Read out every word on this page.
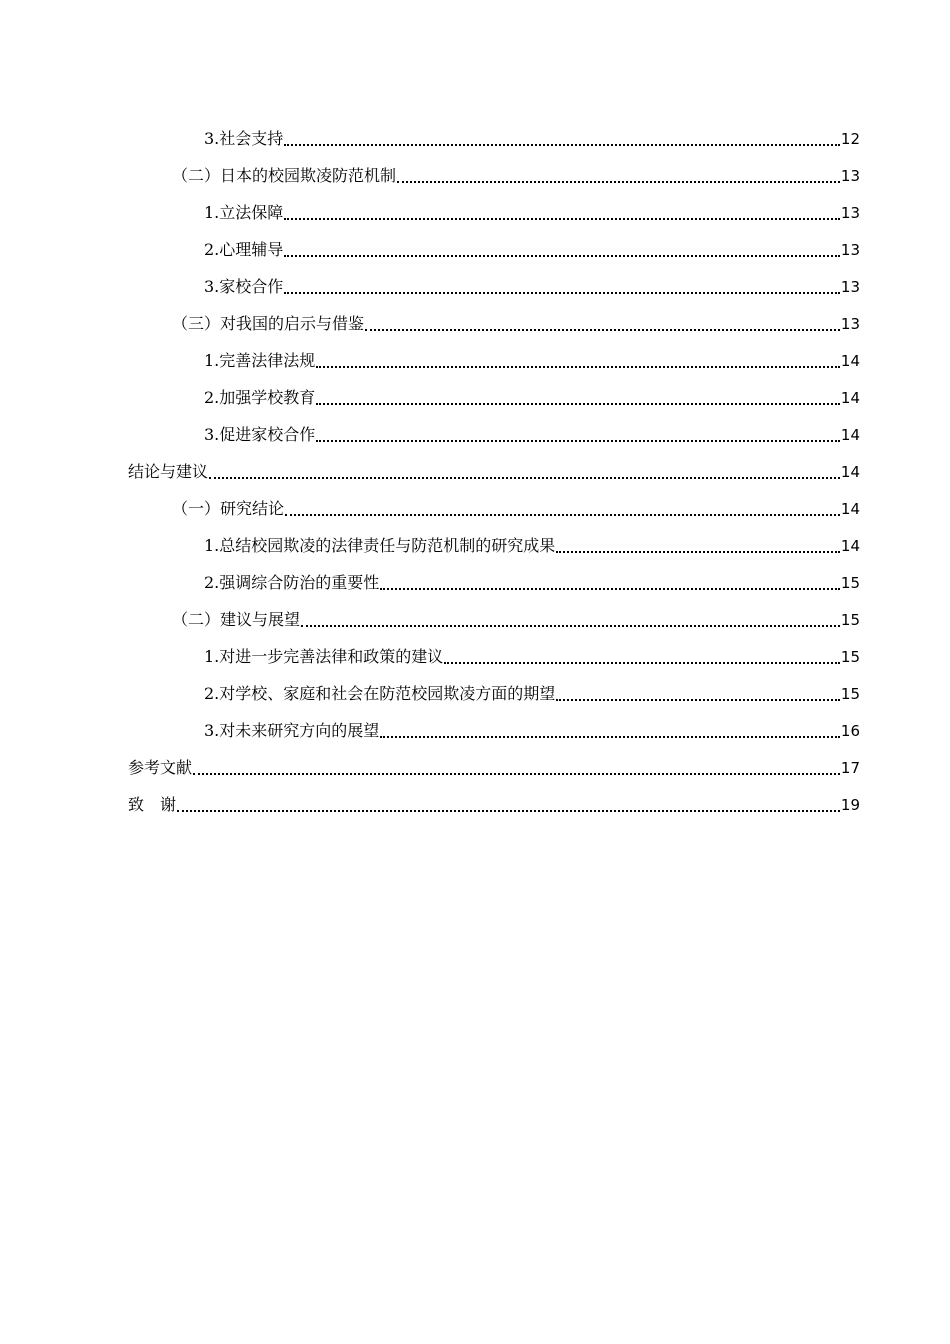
3.社会支持	12
（二）日本的校园欺凌防范机制	13
1.立法保障	13
2.心理辅导	13
3.家校合作	13
（三）对我国的启示与借鉴	13
1.完善法律法规	14
2.加强学校教育	14
3.促进家校合作	14
结论与建议	14
（一）研究结论	14
1.总结校园欺凌的法律责任与防范机制的研究成果	14
2.强调综合防治的重要性	15
（二）建议与展望	15
1.对进一步完善法律和政策的建议	15
2.对学校、家庭和社会在防范校园欺凌方面的期望	15
3.对未来研究方向的展望	16
参考文献	17
致　谢	19
